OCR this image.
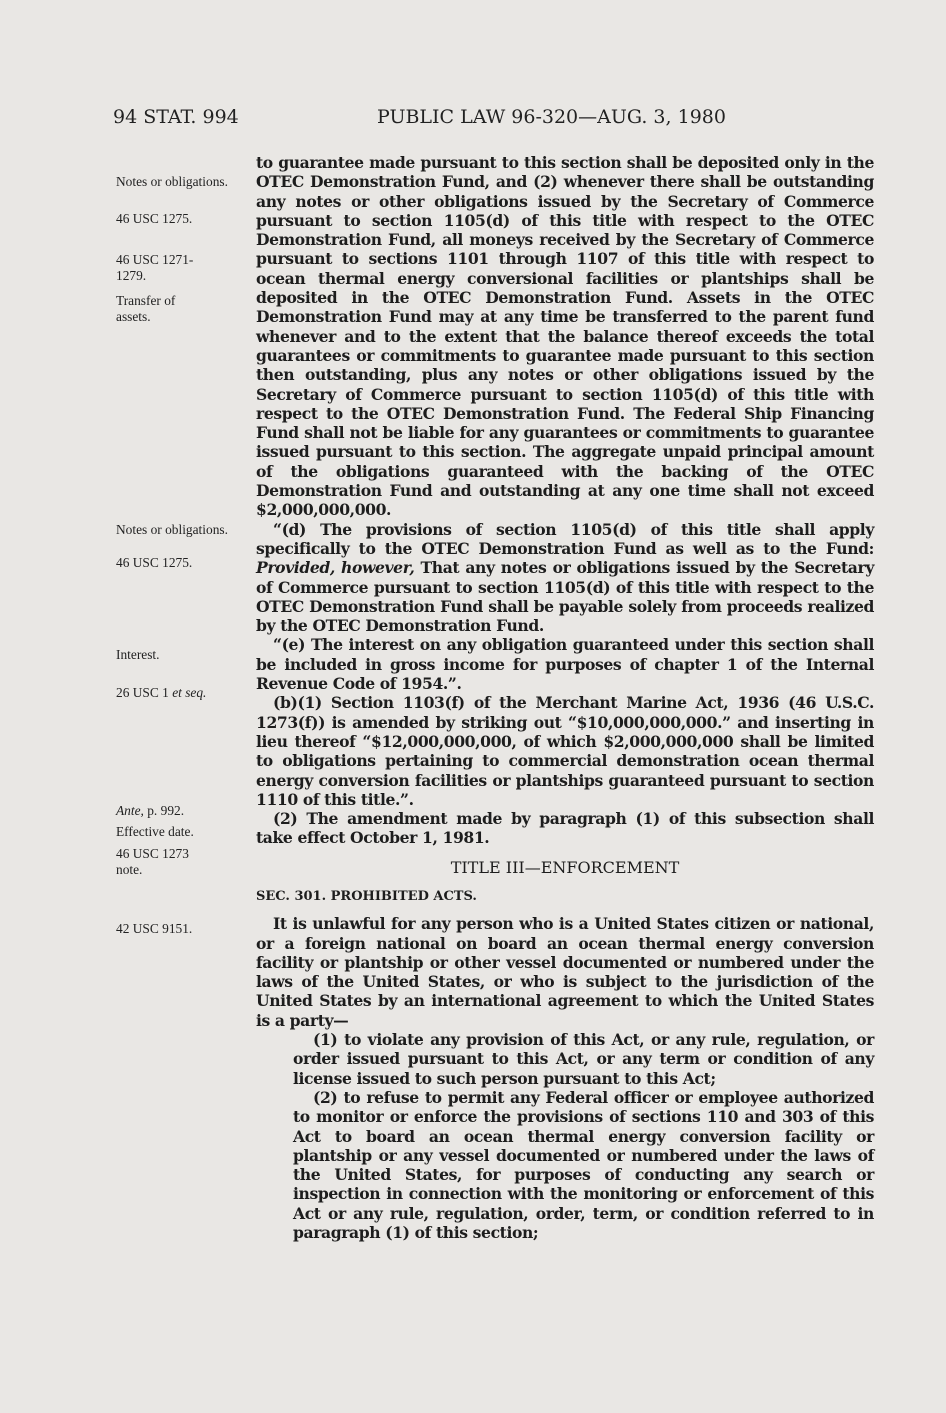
94 STAT. 994	PUBLIC LAW 96-320—AUG. 3, 1980
Notes or obligations.
46 USC 1275.
46 USC 1271-1279.
Transfer of assets.
Notes or obligations.
46 USC 1275.
Interest.
26 USC 1 et seq.
Ante, p. 992.
Effective date.
46 USC 1273 note.
42 USC 9151.

to guarantee made pursuant to this section shall be deposited only in the OTEC Demonstration Fund, and (2) whenever there shall be outstanding any notes or other obligations issued by the Secretary of Commerce pursuant to section 1105(d) of this title with respect to the OTEC Demonstration Fund, all moneys received by the Secretary of Commerce pursuant to sections 1101 through 1107 of this title with respect to ocean thermal energy conversional facilities or plantships shall be deposited in the OTEC Demonstration Fund. Assets in the OTEC Demonstration Fund may at any time be transferred to the parent fund whenever and to the extent that the balance thereof exceeds the total guarantees or commitments to guarantee made pursuant to this section then outstanding, plus any notes or other obligations issued by the Secretary of Commerce pursuant to section 1105(d) of this title with respect to the OTEC Demonstration Fund. The Federal Ship Financing Fund shall not be liable for any guarantees or commitments to guarantee issued pursuant to this section. The aggregate unpaid principal amount of the obligations guaranteed with the backing of the OTEC Demonstration Fund and outstanding at any one time shall not exceed $2,000,000,000.

“(d) The provisions of section 1105(d) of this title shall apply specifically to the OTEC Demonstration Fund as well as to the Fund: Provided, however, That any notes or obligations issued by the Secretary of Commerce pursuant to section 1105(d) of this title with respect to the OTEC Demonstration Fund shall be payable solely from proceeds realized by the OTEC Demonstration Fund.

“(e) The interest on any obligation guaranteed under this section shall be included in gross income for purposes of chapter 1 of the Internal Revenue Code of 1954.”.

(b)(1) Section 1103(f) of the Merchant Marine Act, 1936 (46 U.S.C. 1273(f)) is amended by striking out “$10,000,000,000.” and inserting in lieu thereof “$12,000,000,000, of which $2,000,000,000 shall be limited to obligations pertaining to commercial demonstration ocean thermal energy conversion facilities or plantships guaranteed pursuant to section 1110 of this title.”.

(2) The amendment made by paragraph (1) of this subsection shall take effect October 1, 1981.

TITLE III—ENFORCEMENT

SEC. 301. PROHIBITED ACTS.

It is unlawful for any person who is a United States citizen or national, or a foreign national on board an ocean thermal energy conversion facility or plantship or other vessel documented or numbered under the laws of the United States, or who is subject to the jurisdiction of the United States by an international agreement to which the United States is a party—

(1) to violate any provision of this Act, or any rule, regulation, or order issued pursuant to this Act, or any term or condition of any license issued to such person pursuant to this Act;

(2) to refuse to permit any Federal officer or employee authorized to monitor or enforce the provisions of sections 110 and 303 of this Act to board an ocean thermal energy conversion facility or plantship or any vessel documented or numbered under the laws of the United States, for purposes of conducting any search or inspection in connection with the monitoring or enforcement of this Act or any rule, regulation, order, term, or condition referred to in paragraph (1) of this section;
